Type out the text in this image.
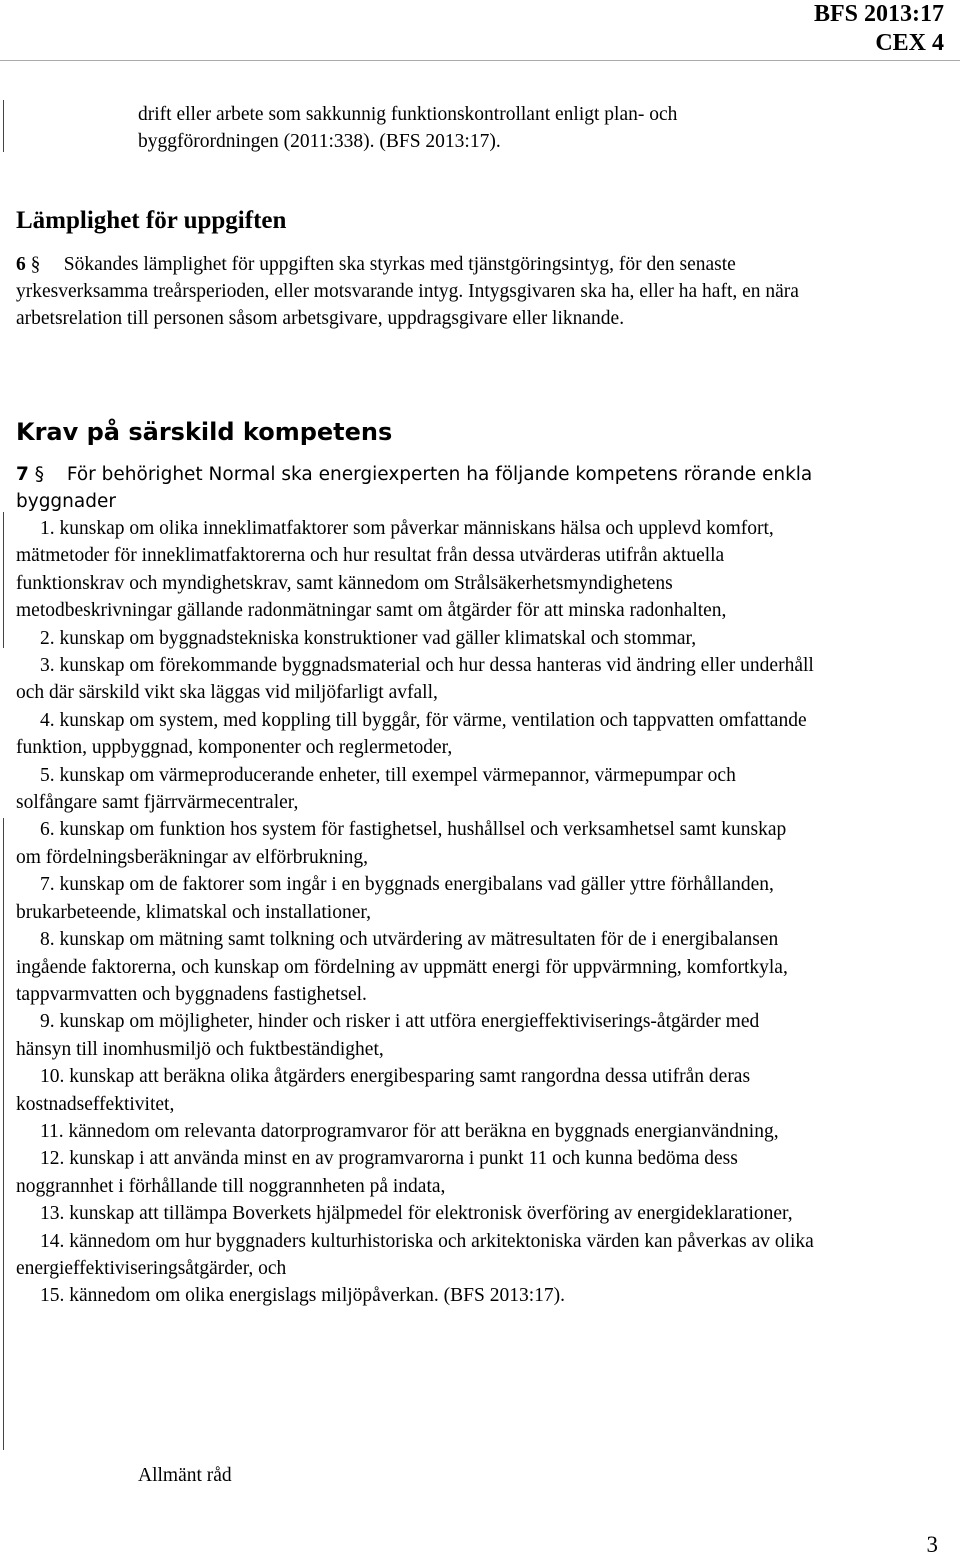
BFS 2013:17
CEX 4
drift eller arbete som sakkunnig funktionskontrollant enligt plan- och
byggförordningen (2011:338). (BFS 2013:17).
Lämplighet för uppgiften
6 § Sökandes lämplighet för uppgiften ska styrkas med tjänstgöringsintyg, för den senaste yrkesverksamma treårsperioden, eller motsvarande intyg. Intygsgivaren ska ha, eller ha haft, en nära arbetsrelation till personen såsom arbetsgivare, uppdragsgivare eller liknande.
Krav på särskild kompetens
7 § För behörighet Normal ska energiexperten ha följande kompetens rörande enkla byggnader

1. kunskap om olika inneklimatfaktorer som påverkar människans hälsa och upplevd komfort, mätmetoder för inneklimatfaktorerna och hur resultat från dessa utvärderas utifrån aktuella funktionskrav och myndighetskrav, samt kännedom om Strålsäkerhetsmyndighetens metodbeskrivningar gällande radonmätningar samt om åtgärder för att minska radonhalten,

2. kunskap om byggnadstekniska konstruktioner vad gäller klimatskal och stommar,

3. kunskap om förekommande byggnadsmaterial och hur dessa hanteras vid ändring eller underhåll och där särskild vikt ska läggas vid miljöfarligt avfall,

4. kunskap om system, med koppling till byggår, för värme, ventilation och tappvatten omfattande funktion, uppbyggnad, komponenter och reglermetoder,

5. kunskap om värmeproducerande enheter, till exempel värmepannor, värmepumpar och solfångare samt fjärrvärmecentraler,

6. kunskap om funktion hos system för fastighetsel, hushållsel och verksamhetsel samt kunskap om fördelningsberäkningar av elförbrukning,

7. kunskap om de faktorer som ingår i en byggnads energibalans vad gäller yttre förhållanden, brukarbeteende, klimatskal och installationer,

8. kunskap om mätning samt tolkning och utvärdering av mätresultaten för de i energibalansen ingående faktorerna, och kunskap om fördelning av uppmätt energi för uppvärmning, komfortkyla, tappvarmvatten och byggnadens fastighetsel.

9. kunskap om möjligheter, hinder och risker i att utföra energieffektiviserings-åtgärder med hänsyn till inomhusmiljö och fuktbeständighet,

10. kunskap att beräkna olika åtgärders energibesparing samt rangordna dessa utifrån deras kostnadseffektivitet,

11. kännedom om relevanta datorprogramvaror för att beräkna en byggnads energianvändning,

12. kunskap i att använda minst en av programvarorna i punkt 11 och kunna bedöma dess noggrannhet i förhållande till noggrannheten på indata,

13. kunskap att tillämpa Boverkets hjälpmedel för elektronisk överföring av energideklarationer,

14. kännedom om hur byggnaders kulturhistoriska och arkitektoniska värden kan påverkas av olika energieffektiviseringsåtgärder, och

15. kännedom om olika energislags miljöpåverkan. (BFS 2013:17).

Allmänt råd
3
